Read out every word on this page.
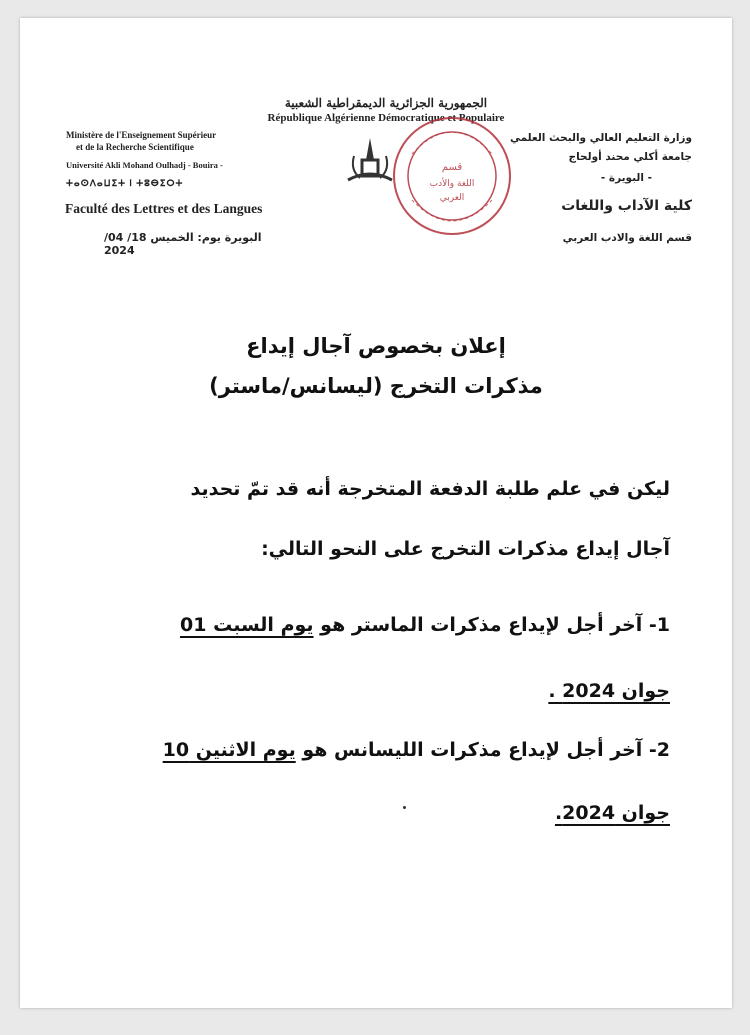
الجمهورية الجزائرية الديمقراطية الشعبية
République Algérienne Démocratique et Populaire
Ministère de l'Enseignement Supérieur
et de la Recherche Scientifique
Université Akli Mohand Oulhadj - Bouira -
ⵜⴰⵙⴷⴰⵡⵉⵜ ⵏ ⵜⵓⴱⵉⵔⵜ
Faculté des Lettres et des Langues
البويرة يوم: الخميس 18/ 04/ 2024
وزارة التعليم العالي والبحث العلمي
جامعة أكلي محند أولحاج
- البويرة -
كلية الآداب واللغات
قسم اللغة والادب العربي
قسم
اللغة والأدب
العربي
إعلان بخصوص آجال إيداع
مذكرات التخرج (ليسانس/ماستر)
ليكن في علم طلبة الدفعة المتخرجة أنه قد تمّ تحديد
آجال إيداع مذكرات التخرج على النحو التالي:
1- آخر أجل لإيداع مذكرات الماستر هو يوم السبت 01
جوان 2024 .
2- آخر أجل لإيداع مذكرات الليسانس هو يوم الاثنين 10
جوان 2024.
